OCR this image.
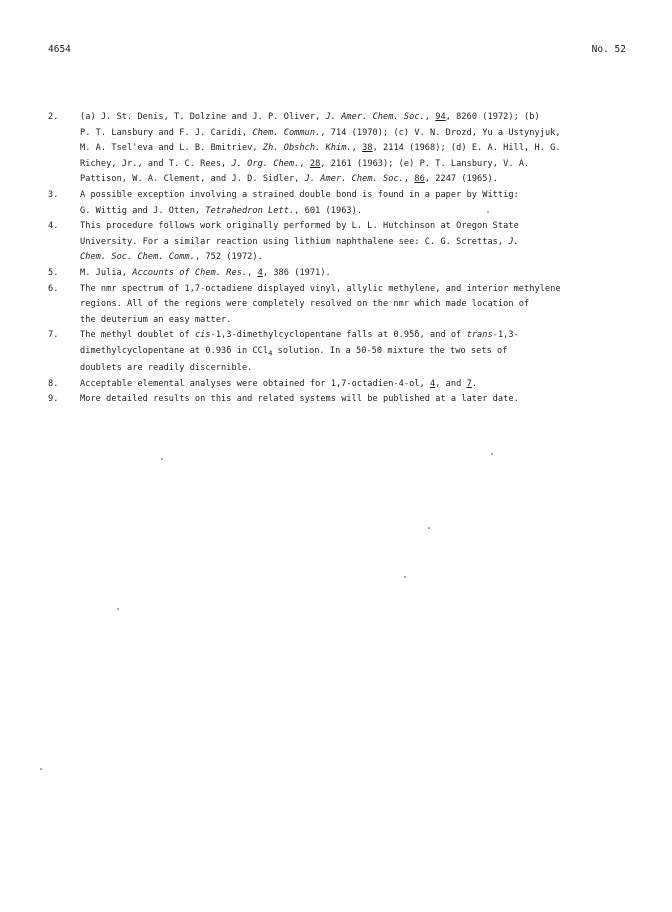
4654	No. 52
2.	(a) J. St. Denis, T. Dolzine and J. P. Oliver, J. Amer. Chem. Soc., 94, 8260 (1972); (b)
P. T. Lansbury and F. J. Caridi, Chem. Commun., 714 (1970); (c) V. N. Drozd, Yu a Ustynyjuk,
M. A. Tsel'eva and L. B. Bmitriev, Zh. Obshch. Khim., 38, 2114 (1968); (d) E. A. Hill, H. G.
Richey, Jr., and T. C. Rees, J. Org. Chem., 28, 2161 (1963); (e) P. T. Lansbury, V. A.
Pattison, W. A. Clement, and J. D. Sidler, J. Amer. Chem. Soc., 86, 2247 (1965).
3.	A possible exception involving a strained double bond is found in a paper by Wittig:
G. Wittig and J. Otten, Tetrahedron Lett., 601 (1963).
4.	This procedure follows work originally performed by L. L. Hutchinson at Oregon State
University. For a similar reaction using lithium naphthalene see: C. G. Screttas, J.
Chem. Soc. Chem. Comm., 752 (1972).
5.	M. Julia, Accounts of Chem. Res., 4, 386 (1971).
6.	The nmr spectrum of 1,7-octadiene displayed vinyl, allylic methylene, and interior methylene
regions. All of the regions were completely resolved on the nmr which made location of
the deuterium an easy matter.
7.	The methyl doublet of cis-1,3-dimethylcyclopentane falls at 0.95δ, and of trans-1,3-
dimethylcyclopentane at 0.93δ in CCl$_4$ solution. In a 50-50 mixture the two sets of
doublets are readily discernible.
8.	Acceptable elemental analyses were obtained for 1,7-octadien-4-ol, 4, and 7.
9.	More detailed results on this and related systems will be published at a later date.
